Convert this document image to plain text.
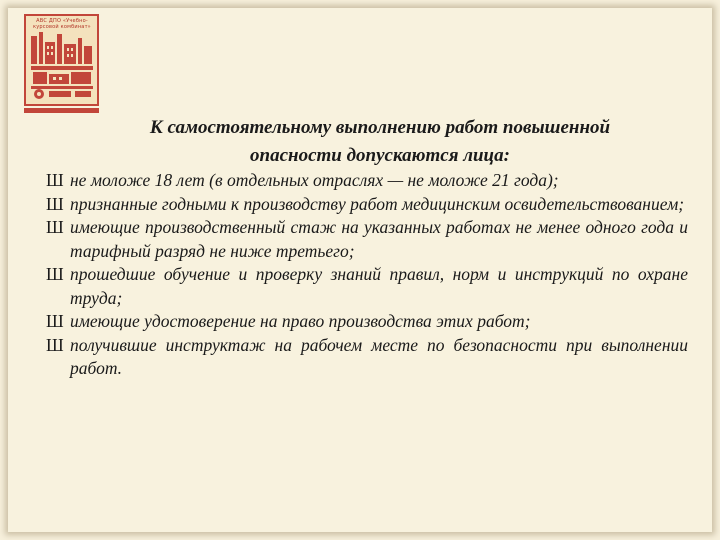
АВС ДПО «Учебно-курсовой комбинат»
К самостоятельному выполнению работ повышенной
опасности допускаются лица:
Ш не моложе 18 лет (в отдельных отраслях — не моложе 21 года);
Ш признанные годными к производству работ медицинским освидетельствованием;
Ш имеющие производственный стаж на указанных работах не менее одного года и тарифный разряд не ниже третьего;
Ш прошедшие обучение и проверку знаний правил, норм и инструкций по охране труда;
Ш имеющие удостоверение на право производства этих работ;
Ш получившие инструктаж на рабочем месте по безопасности при выполнении работ.
